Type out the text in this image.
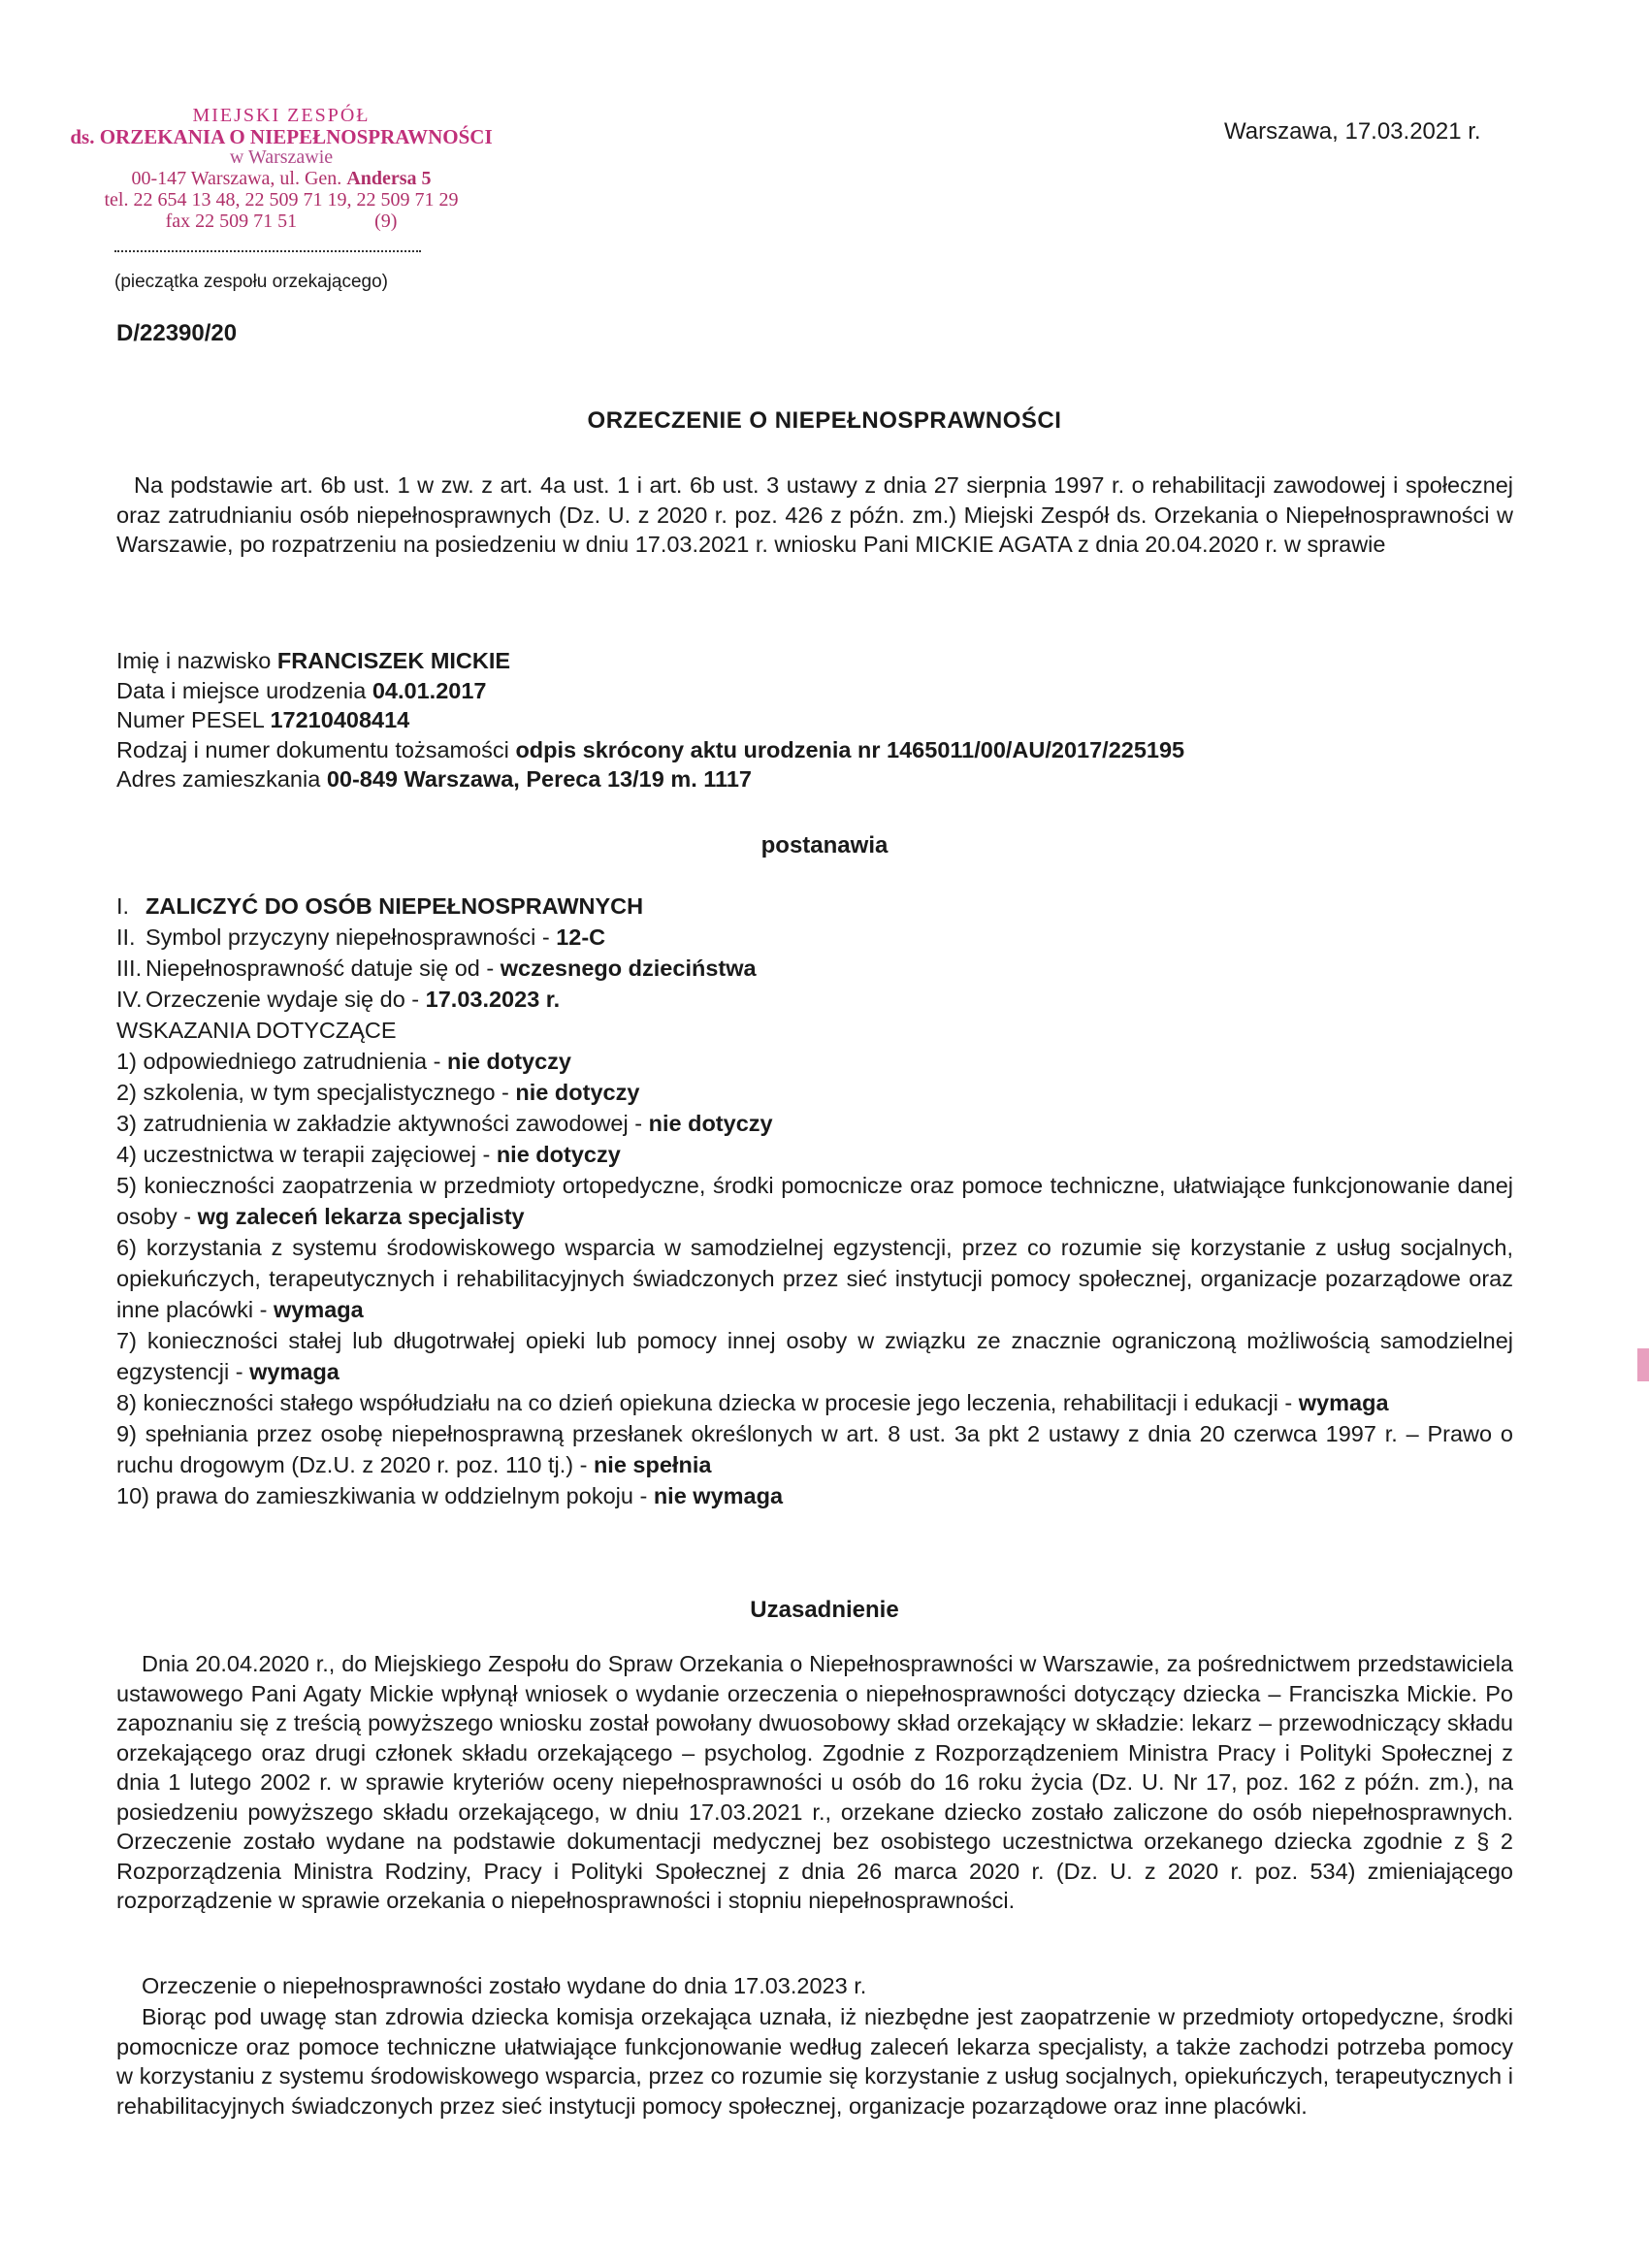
MIEJSKI ZESPÓŁ
ds. ORZEKANIA O NIEPEŁNOSPRAWNOŚCI
w Warszawie
00-147 Warszawa, ul. Gen. Andersa 5
tel. 22 654 13 48, 22 509 71 19, 22 509 71 29
fax 22 509 71 51	(9)
(pieczątka zespołu orzekającego)
Warszawa, 17.03.2021 r.
D/22390/20
ORZECZENIE O NIEPEŁNOSPRAWNOŚCI
Na podstawie art. 6b ust. 1 w zw. z art. 4a ust. 1 i art. 6b ust. 3 ustawy z dnia 27 sierpnia 1997 r. o rehabilitacji zawodowej i społecznej oraz zatrudnianiu osób niepełnosprawnych (Dz. U. z 2020 r. poz. 426 z późn. zm.) Miejski Zespół ds. Orzekania o Niepełnosprawności w Warszawie, po rozpatrzeniu na posiedzeniu w dniu 17.03.2021 r. wniosku Pani MICKIE AGATA z dnia 20.04.2020 r. w sprawie
Imię i nazwisko FRANCISZEK MICKIE
Data i miejsce urodzenia 04.01.2017
Numer PESEL 17210408414
Rodzaj i numer dokumentu tożsamości odpis skrócony aktu urodzenia nr 1465011/00/AU/2017/225195
Adres zamieszkania 00-849 Warszawa, Pereca 13/19 m. 1117
postanawia
I. ZALICZYĆ DO OSÓB NIEPEŁNOSPRAWNYCH
II. Symbol przyczyny niepełnosprawności - 12-C
III. Niepełnosprawność datuje się od - wczesnego dzieciństwa
IV. Orzeczenie wydaje się do - 17.03.2023 r.
WSKAZANIA DOTYCZĄCE
1) odpowiedniego zatrudnienia - nie dotyczy
2) szkolenia, w tym specjalistycznego - nie dotyczy
3) zatrudnienia w zakładzie aktywności zawodowej - nie dotyczy
4) uczestnictwa w terapii zajęciowej - nie dotyczy
5) konieczności zaopatrzenia w przedmioty ortopedyczne, środki pomocnicze oraz pomoce techniczne, ułatwiające funkcjonowanie danej osoby - wg zaleceń lekarza specjalisty
6) korzystania z systemu środowiskowego wsparcia w samodzielnej egzystencji, przez co rozumie się korzystanie z usług socjalnych, opiekuńczych, terapeutycznych i rehabilitacyjnych świadczonych przez sieć instytucji pomocy społecznej, organizacje pozarządowe oraz inne placówki - wymaga
7) konieczności stałej lub długotrwałej opieki lub pomocy innej osoby w związku ze znacznie ograniczoną możliwością samodzielnej egzystencji - wymaga
8) konieczności stałego współudziału na co dzień opiekuna dziecka w procesie jego leczenia, rehabilitacji i edukacji - wymaga
9) spełniania przez osobę niepełnosprawną przesłanek określonych w art. 8 ust. 3a pkt 2 ustawy z dnia 20 czerwca 1997 r. – Prawo o ruchu drogowym (Dz.U. z 2020 r. poz. 110 tj.) - nie spełnia
10) prawa do zamieszkiwania w oddzielnym pokoju - nie wymaga
Uzasadnienie
Dnia 20.04.2020 r., do Miejskiego Zespołu do Spraw Orzekania o Niepełnosprawności w Warszawie, za pośrednictwem przedstawiciela ustawowego Pani Agaty Mickie wpłynął wniosek o wydanie orzeczenia o niepełnosprawności dotyczący dziecka – Franciszka Mickie. Po zapoznaniu się z treścią powyższego wniosku został powołany dwuosobowy skład orzekający w składzie: lekarz – przewodniczący składu orzekającego oraz drugi członek składu orzekającego – psycholog. Zgodnie z Rozporządzeniem Ministra Pracy i Polityki Społecznej z dnia 1 lutego 2002 r. w sprawie kryteriów oceny niepełnosprawności u osób do 16 roku życia (Dz. U. Nr 17, poz. 162 z późn. zm.), na posiedzeniu powyższego składu orzekającego, w dniu 17.03.2021 r., orzekane dziecko zostało zaliczone do osób niepełnosprawnych. Orzeczenie zostało wydane na podstawie dokumentacji medycznej bez osobistego uczestnictwa orzekanego dziecka zgodnie z § 2 Rozporządzenia Ministra Rodziny, Pracy i Polityki Społecznej z dnia 26 marca 2020 r. (Dz. U. z 2020 r. poz. 534) zmieniającego rozporządzenie w sprawie orzekania o niepełnosprawności i stopniu niepełnosprawności.
Orzeczenie o niepełnosprawności zostało wydane do dnia 17.03.2023 r.
Biorąc pod uwagę stan zdrowia dziecka komisja orzekająca uznała, iż niezbędne jest zaopatrzenie w przedmioty ortopedyczne, środki pomocnicze oraz pomoce techniczne ułatwiające funkcjonowanie według zaleceń lekarza specjalisty, a także zachodzi potrzeba pomocy w korzystaniu z systemu środowiskowego wsparcia, przez co rozumie się korzystanie z usług socjalnych, opiekuńczych, terapeutycznych i rehabilitacyjnych świadczonych przez sieć instytucji pomocy społecznej, organizacje pozarządowe oraz inne placówki.
